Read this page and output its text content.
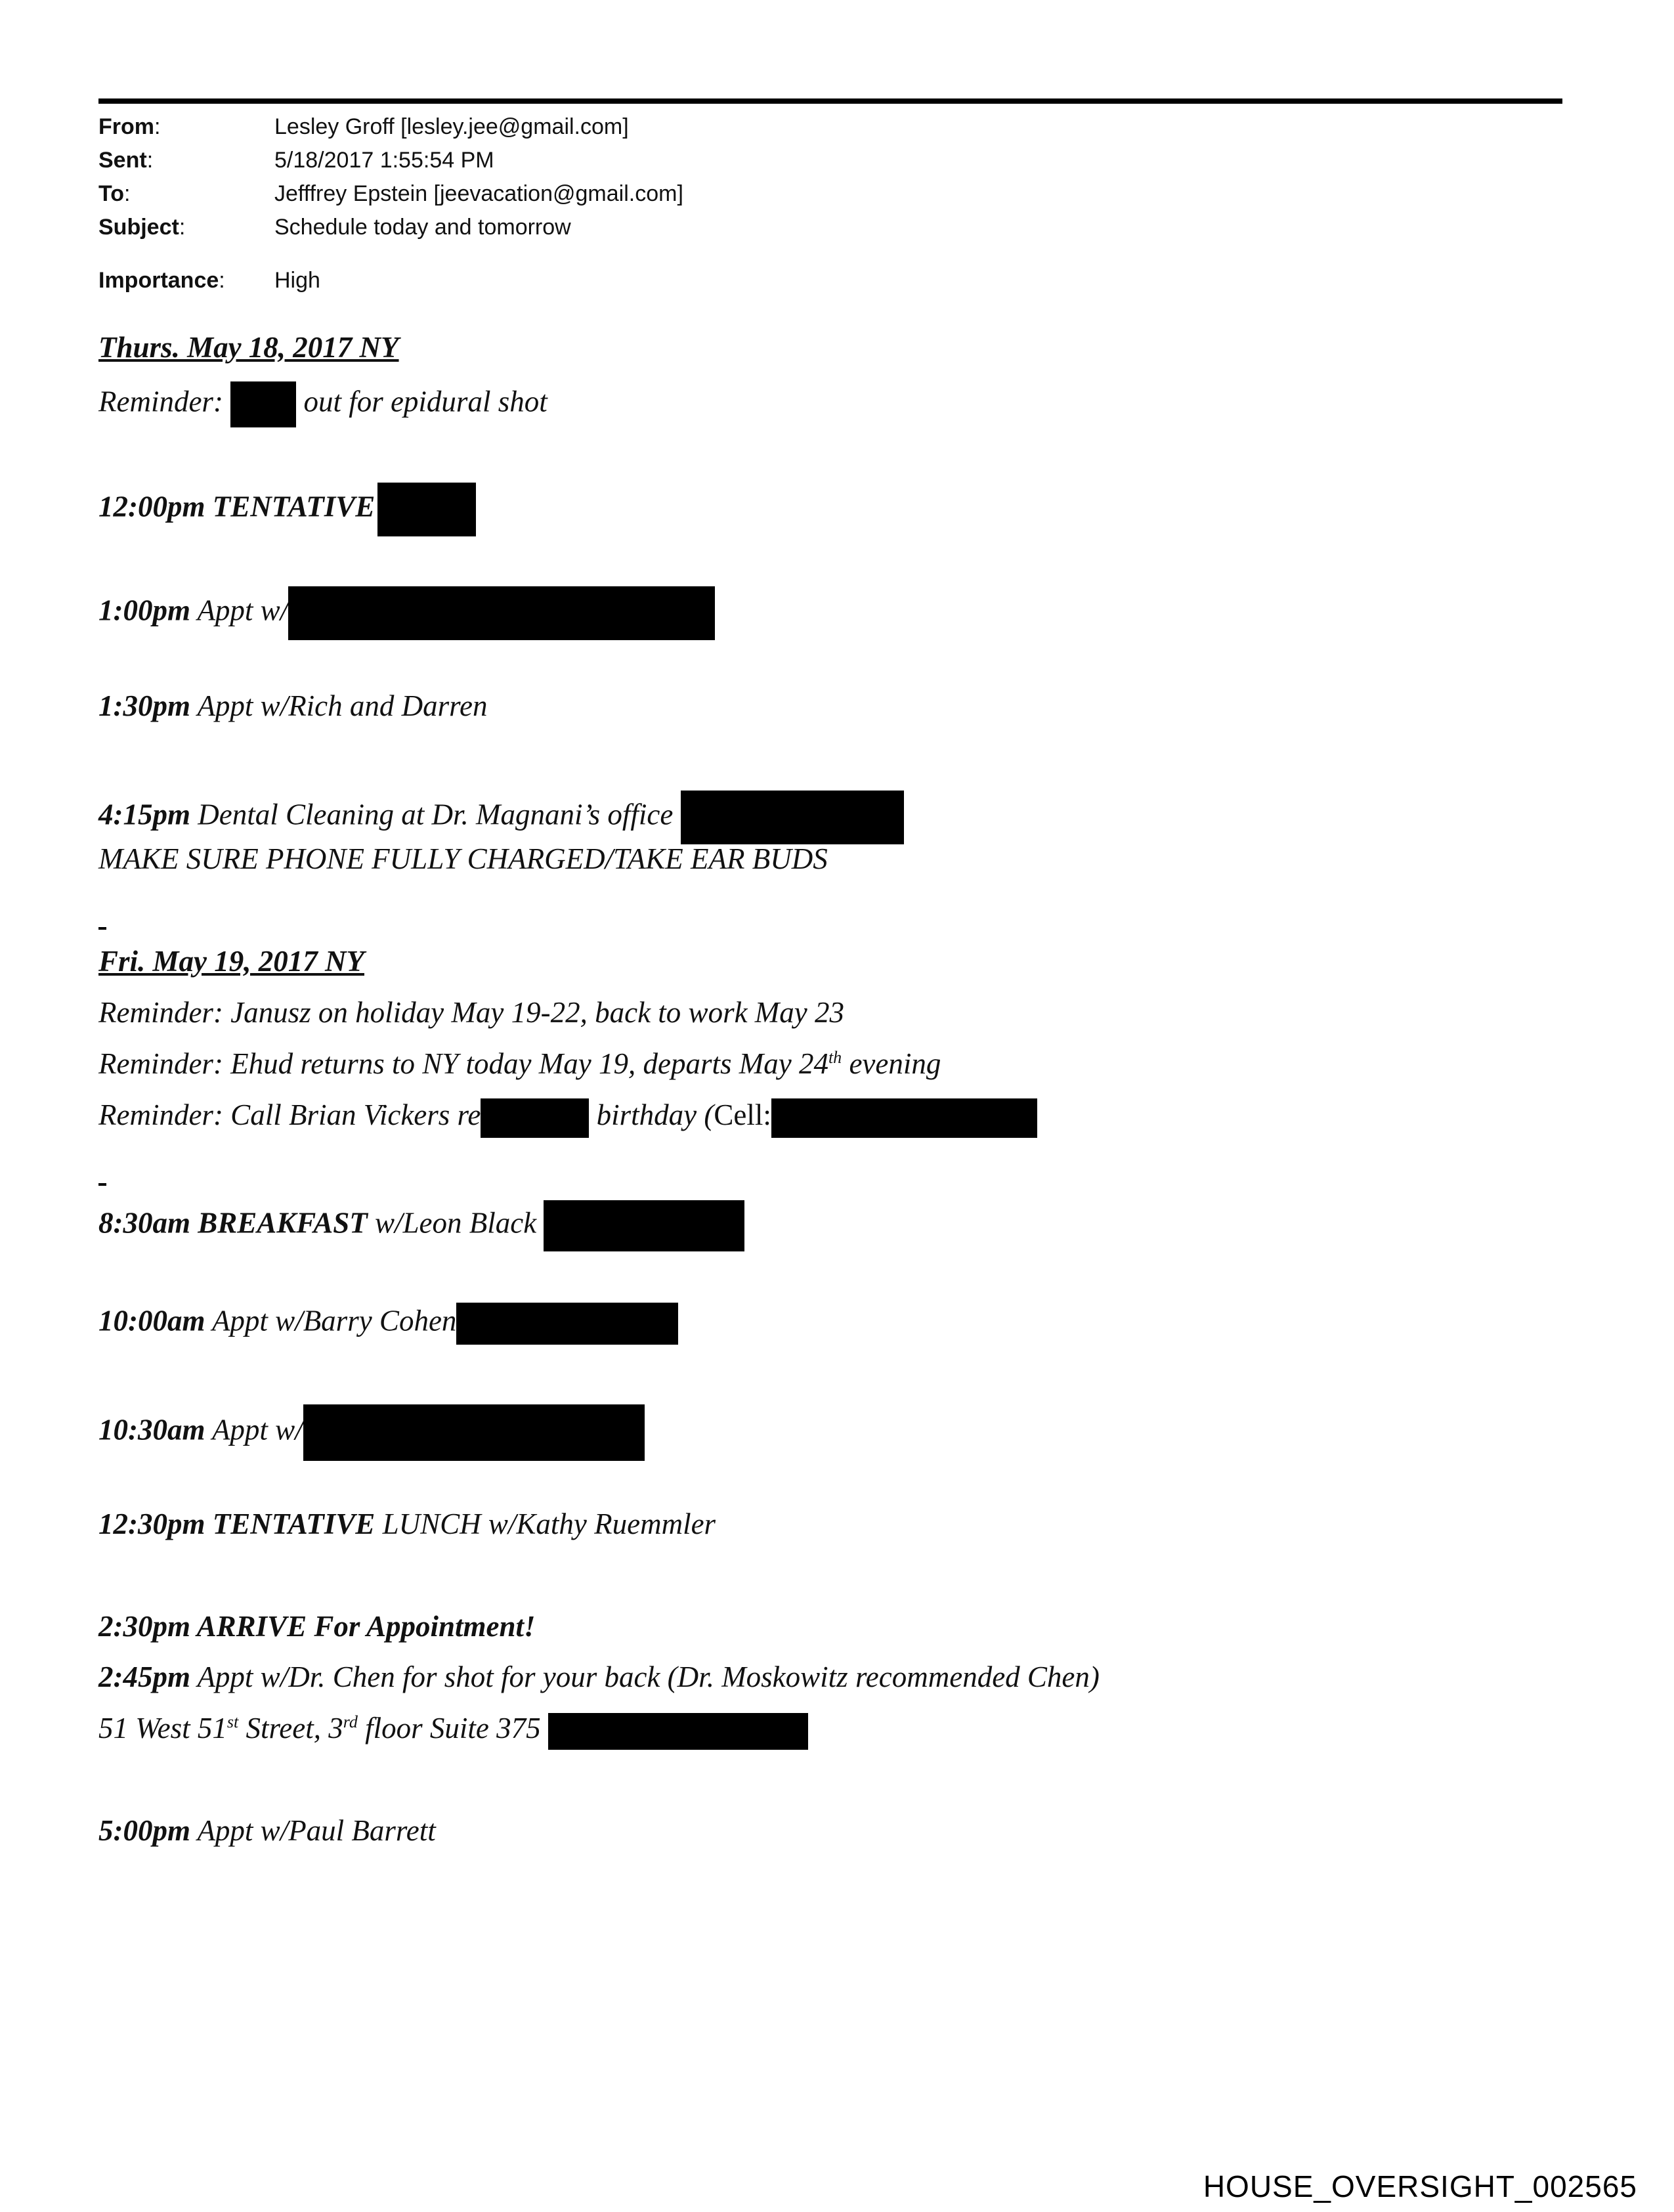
From:	Lesley Groff [lesley.jee@gmail.com]
Sent:	5/18/2017 1:55:54 PM
To:	Jefffrey Epstein [jeevacation@gmail.com]
Subject:	Schedule today and tomorrow
Importance:	High
Thurs. May 18, 2017 NY
Reminder:	out for epidural shot
12:00pm TENTATIVE
1:00pm Appt w/
1:30pm Appt w/Rich and Darren
4:15pm Dental Cleaning at Dr. Magnani’s office
MAKE SURE PHONE FULLY CHARGED/TAKE EAR BUDS
Fri. May 19, 2017 NY
Reminder: Janusz on holiday May 19-22, back to work May 23
Reminder: Ehud returns to NY today May 19, departs May 24th evening
Reminder: Call Brian Vickers re	birthday (Cell:
8:30am BREAKFAST w/Leon Black
10:00am Appt w/Barry Cohen
10:30am Appt w/
12:30pm TENTATIVE LUNCH w/Kathy Ruemmler
2:30pm ARRIVE For Appointment!
2:45pm Appt w/Dr. Chen for shot for your back (Dr. Moskowitz recommended Chen)
51 West 51st Street, 3rd floor Suite 375
5:00pm Appt w/Paul Barrett
HOUSE_OVERSIGHT_002565
